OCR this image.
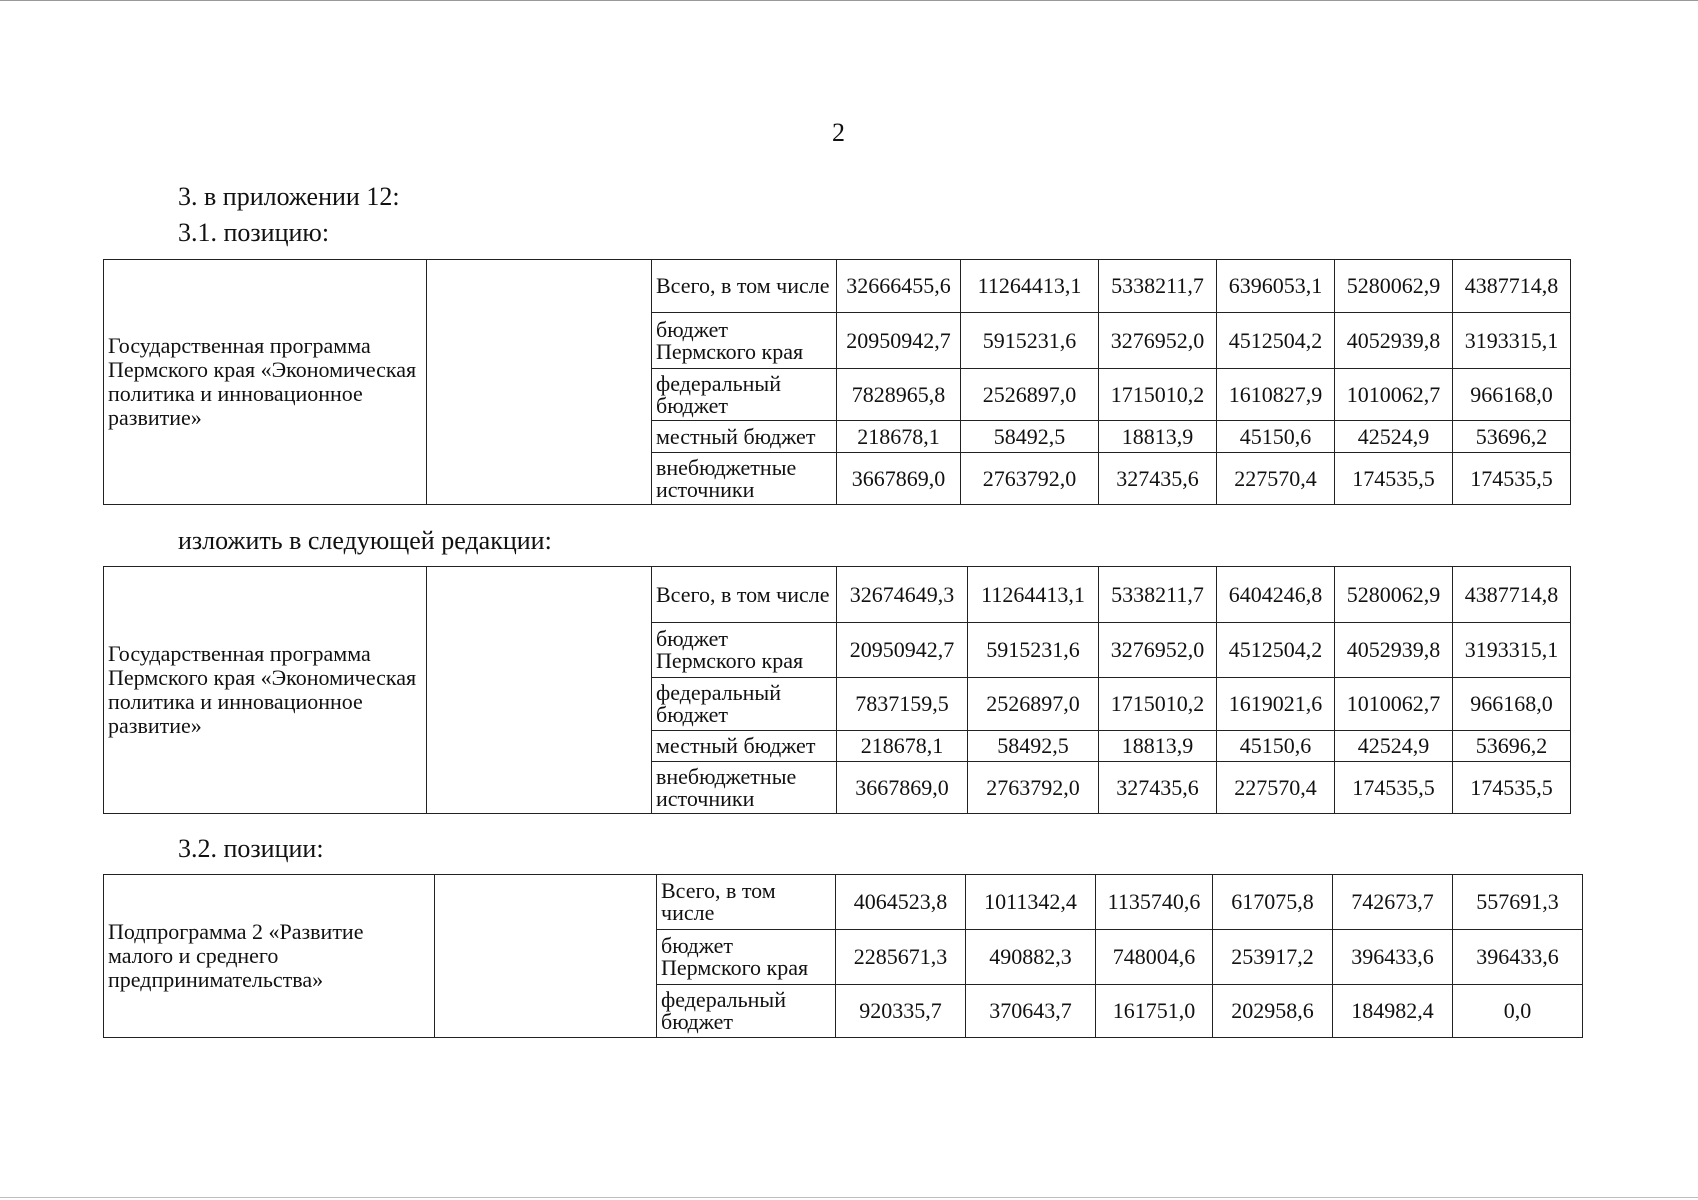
2
3. в приложении 12:
3.1. позицию:
Государственная программа Пермского края «Экономическая политика и инновационное развитие»		Всего, в том числе	32666455,6	11264413,1	5338211,7	6396053,1	5280062,9	4387714,8
		бюджет Пермского края	20950942,7	5915231,6	3276952,0	4512504,2	4052939,8	3193315,1
		федеральный бюджет	7828965,8	2526897,0	1715010,2	1610827,9	1010062,7	966168,0
		местный бюджет	218678,1	58492,5	18813,9	45150,6	42524,9	53696,2
		внебюджетные источники	3667869,0	2763792,0	327435,6	227570,4	174535,5	174535,5
изложить в следующей редакции:
Государственная программа Пермского края «Экономическая политика и инновационное развитие»		Всего, в том числе	32674649,3	11264413,1	5338211,7	6404246,8	5280062,9	4387714,8
		бюджет Пермского края	20950942,7	5915231,6	3276952,0	4512504,2	4052939,8	3193315,1
		федеральный бюджет	7837159,5	2526897,0	1715010,2	1619021,6	1010062,7	966168,0
		местный бюджет	218678,1	58492,5	18813,9	45150,6	42524,9	53696,2
		внебюджетные источники	3667869,0	2763792,0	327435,6	227570,4	174535,5	174535,5
3.2. позиции:
Подпрограмма 2 «Развитие малого и среднего предпринимательства»		Всего, в том числе	4064523,8	1011342,4	1135740,6	617075,8	742673,7	557691,3
		бюджет Пермского края	2285671,3	490882,3	748004,6	253917,2	396433,6	396433,6
		федеральный бюджет	920335,7	370643,7	161751,0	202958,6	184982,4	0,0
